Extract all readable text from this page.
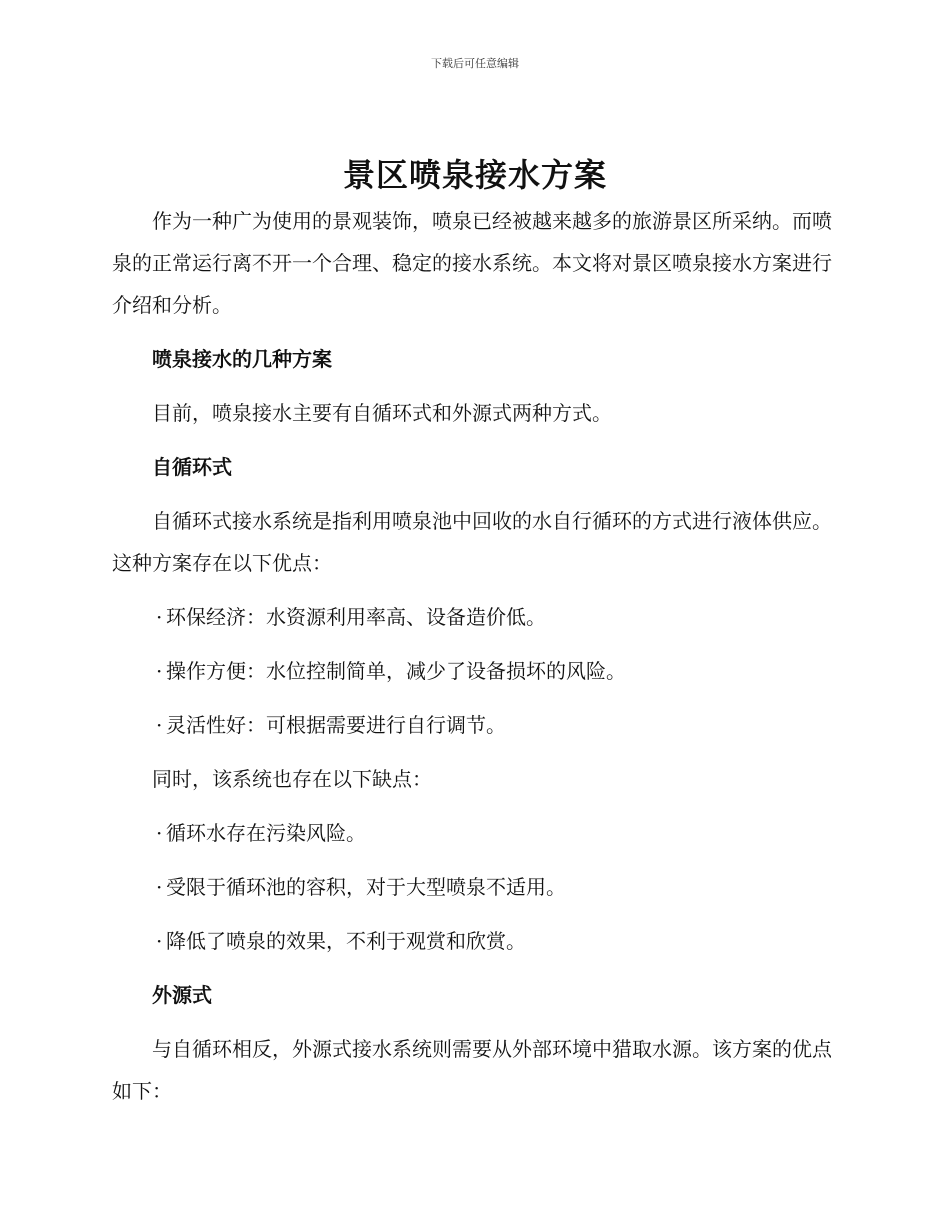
下载后可任意编辑
景区喷泉接水方案

作为一种广为使用的景观装饰，喷泉已经被越来越多的旅游景区所采纳。而喷泉的正常运行离不开一个合理、稳定的接水系统。本文将对景区喷泉接水方案进行介绍和分析。

喷泉接水的几种方案

目前，喷泉接水主要有自循环式和外源式两种方式。

自循环式

自循环式接水系统是指利用喷泉池中回收的水自行循环的方式进行液体供应。这种方案存在以下优点：

· 环保经济：水资源利用率高、设备造价低。
· 操作方便：水位控制简单，减少了设备损坏的风险。
· 灵活性好：可根据需要进行自行调节。

同时，该系统也存在以下缺点：

· 循环水存在污染风险。
· 受限于循环池的容积，对于大型喷泉不适用。
· 降低了喷泉的效果，不利于观赏和欣赏。
外源式

与自循环相反，外源式接水系统则需要从外部环境中猎取水源。该方案的优点如下：
